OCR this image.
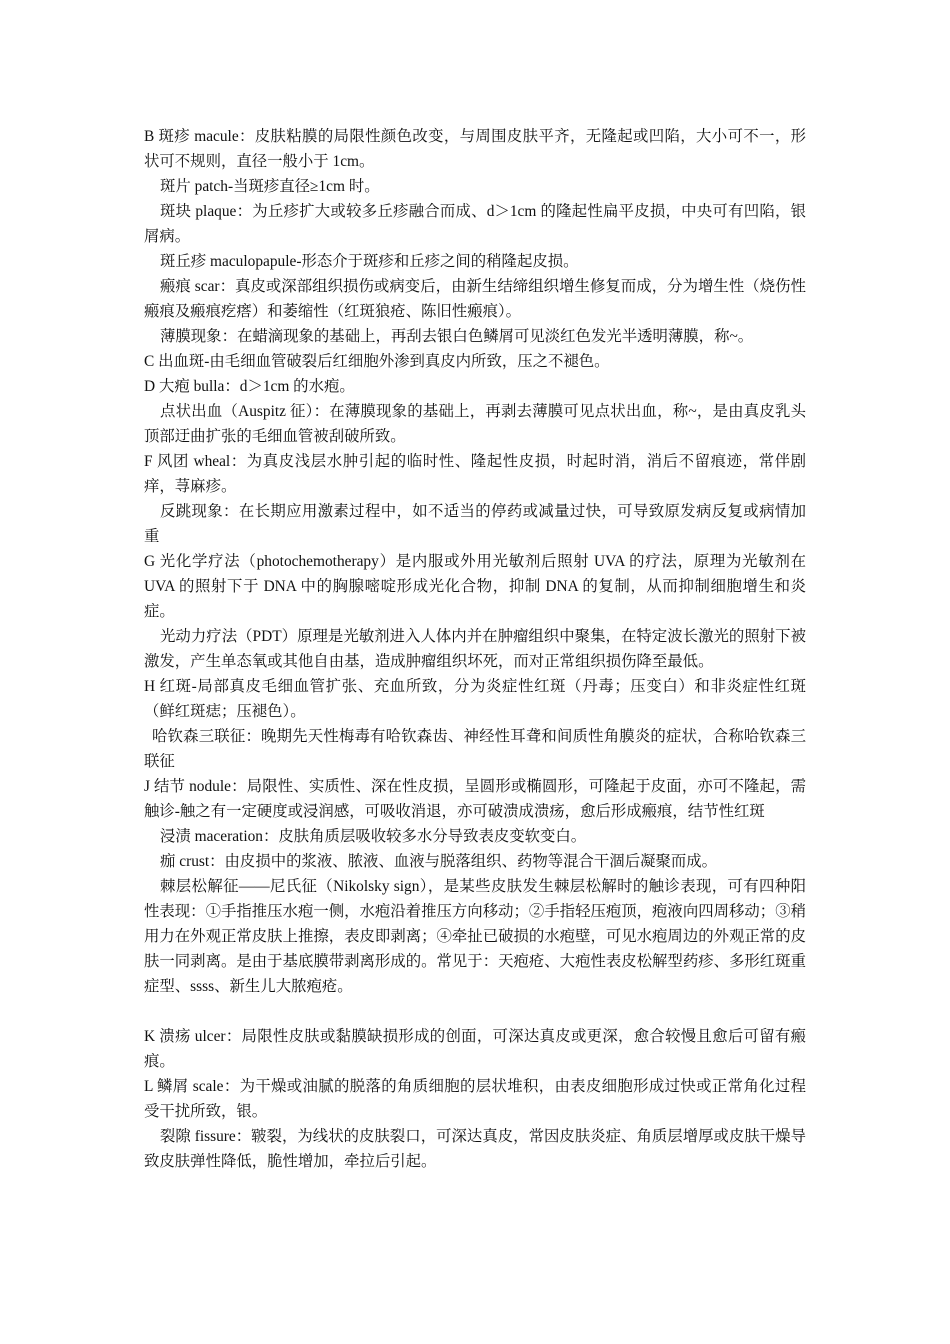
B 斑疹 macule：皮肤粘膜的局限性颜色改变，与周围皮肤平齐，无隆起或凹陷，大小可不一，形状可不规则，直径一般小于 1cm。

斑片 patch-当斑疹直径≥1cm 时。

斑块 plaque：为丘疹扩大或较多丘疹融合而成、d＞1cm 的隆起性扁平皮损，中央可有凹陷，银屑病。

斑丘疹 maculopapule-形态介于斑疹和丘疹之间的稍隆起皮损。

瘢痕 scar：真皮或深部组织损伤或病变后，由新生结缔组织增生修复而成，分为增生性（烧伤性瘢痕及瘢痕疙瘩）和萎缩性（红斑狼疮、陈旧性瘢痕）。

薄膜现象：在蜡滴现象的基础上，再刮去银白色鳞屑可见淡红色发光半透明薄膜，称~。

C 出血斑-由毛细血管破裂后红细胞外渗到真皮内所致，压之不褪色。

D 大疱 bulla：d＞1cm 的水疱。

点状出血（Auspitz 征）：在薄膜现象的基础上，再剥去薄膜可见点状出血，称~，是由真皮乳头顶部迂曲扩张的毛细血管被刮破所致。

F 风团 wheal：为真皮浅层水肿引起的临时性、隆起性皮损，时起时消，消后不留痕迹，常伴剧痒，荨麻疹。

反跳现象：在长期应用激素过程中，如不适当的停药或减量过快，可导致原发病反复或病情加重

G 光化学疗法（photochemotherapy）是内服或外用光敏剂后照射 UVA 的疗法，原理为光敏剂在 UVA 的照射下于 DNA 中的胸腺嘧啶形成光化合物，抑制 DNA 的复制，从而抑制细胞增生和炎症。

光动力疗法（PDT）原理是光敏剂进入人体内并在肿瘤组织中聚集，在特定波长激光的照射下被激发，产生单态氧或其他自由基，造成肿瘤组织坏死，而对正常组织损伤降至最低。

H 红斑-局部真皮毛细血管扩张、充血所致，分为炎症性红斑（丹毒；压变白）和非炎症性红斑（鲜红斑痣；压褪色）。

哈钦森三联征：晚期先天性梅毒有哈钦森齿、神经性耳聋和间质性角膜炎的症状，合称哈钦森三联征

J 结节 nodule：局限性、实质性、深在性皮损，呈圆形或椭圆形，可隆起于皮面，亦可不隆起，需触诊-触之有一定硬度或浸润感，可吸收消退，亦可破溃成溃疡，愈后形成瘢痕，结节性红斑

浸渍 maceration：皮肤角质层吸收较多水分导致表皮变软变白。

痂 crust：由皮损中的浆液、脓液、血液与脱落组织、药物等混合干涸后凝聚而成。

棘层松解征——尼氏征（Nikolsky sign），是某些皮肤发生棘层松解时的触诊表现，可有四种阳性表现：①手指推压水疱一侧，水疱沿着推压方向移动；②手指轻压疱顶，疱液向四周移动；③稍用力在外观正常皮肤上推擦，表皮即剥离；④牵扯已破损的水疱壁，可见水疱周边的外观正常的皮肤一同剥离。是由于基底膜带剥离形成的。常见于：天疱疮、大疱性表皮松解型药疹、多形红斑重症型、ssss、新生儿大脓疱疮。

K 溃疡 ulcer：局限性皮肤或黏膜缺损形成的创面，可深达真皮或更深，愈合较慢且愈后可留有瘢痕。

L 鳞屑 scale：为干燥或油腻的脱落的角质细胞的层状堆积，由表皮细胞形成过快或正常角化过程受干扰所致，银。

裂隙 fissure：皲裂，为线状的皮肤裂口，可深达真皮，常因皮肤炎症、角质层增厚或皮肤干燥导致皮肤弹性降低，脆性增加，牵拉后引起。
